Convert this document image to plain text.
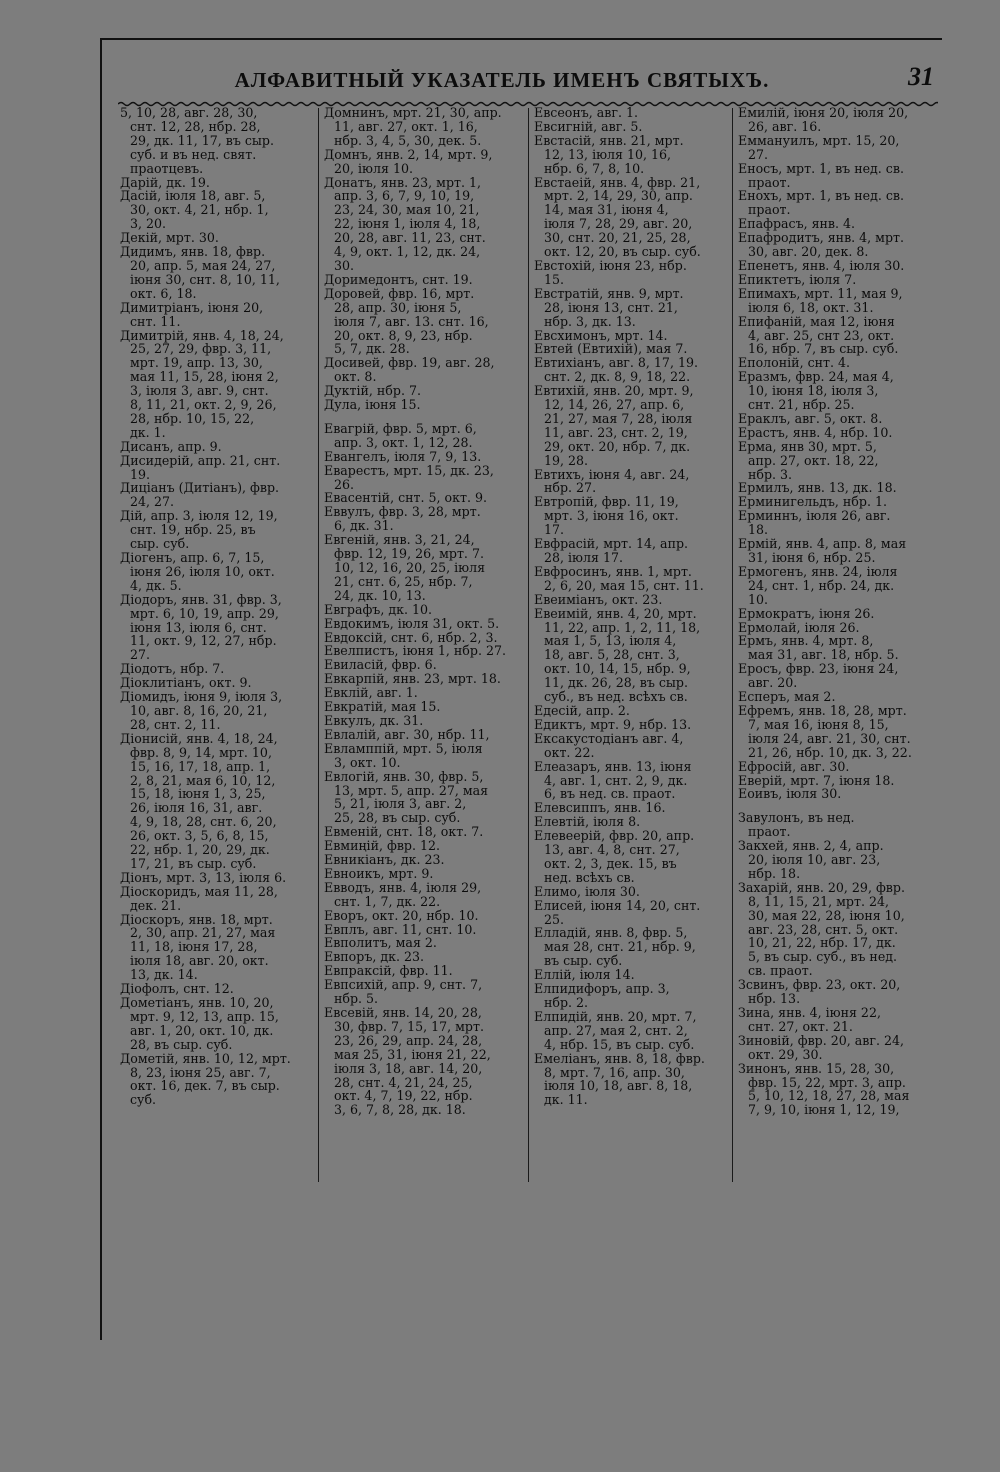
АЛФАВИТНЫЙ УКАЗАТЕЛЬ ИМЕНЪ СВЯТЫХЪ.	31
5, 10, 28, авг. 28, 30,
снт. 12, 28, нбр. 28,
29, дк. 11, 17, въ сыр.
суб. и въ нед. свят.
праотцевъ.
Дарій, дк. 19.
Дасій, іюля 18, авг. 5,
30, окт. 4, 21, нбр. 1,
3, 20.
Декій, мрт. 30.
Дидимъ, янв. 18, фвр.
20, апр. 5, мая 24, 27,
іюня 30, снт. 8, 10, 11,
окт. 6, 18.
Димитріанъ, іюня 20,
снт. 11.
Димитрій, янв. 4, 18, 24,
25, 27, 29, фвр. 3, 11,
мрт. 19, апр. 13, 30,
мая 11, 15, 28, іюня 2,
3, іюля 3, авг. 9, снт.
8, 11, 21, окт. 2, 9, 26,
28, нбр. 10, 15, 22,
дк. 1.
Дисанъ, апр. 9.
Дисидерій, апр. 21, снт.
19.
Диціанъ (Дитіанъ), фвр.
24, 27.
Дій, апр. 3, іюля 12, 19,
снт. 19, нбр. 25, въ
сыр. суб.
Діогенъ, апр. 6, 7, 15,
іюня 26, іюля 10, окт.
4, дк. 5.
Діодоръ, янв. 31, фвр. 3,
мрт. 6, 10, 19, апр. 29,
іюня 13, іюля 6, снт.
11, окт. 9, 12, 27, нбр.
27.
Діодотъ, нбр. 7.
Діоклитіанъ, окт. 9.
Діомидъ, іюня 9, іюля 3,
10, авг. 8, 16, 20, 21,
28, снт. 2, 11.
Діонисій, янв. 4, 18, 24,
фвр. 8, 9, 14, мрт. 10,
15, 16, 17, 18, апр. 1,
2, 8, 21, мая 6, 10, 12,
15, 18, іюня 1, 3, 25,
26, іюля 16, 31, авг.
4, 9, 18, 28, снт. 6, 20,
26, окт. 3, 5, 6, 8, 15,
22, нбр. 1, 20, 29, дк.
17, 21, въ сыр. суб.
Діонъ, мрт. 3, 13, іюля 6.
Діоскоридъ, мая 11, 28,
дек. 21.
Діоскоръ, янв. 18, мрт.
2, 30, апр. 21, 27, мая
11, 18, іюня 17, 28,
іюля 18, авг. 20, окт.
13, дк. 14.
Діофолъ, снт. 12.
Дометіанъ, янв. 10, 20,
мрт. 9, 12, 13, апр. 15,
авг. 1, 20, окт. 10, дк.
28, въ сыр. суб.
Дометій, янв. 10, 12, мрт.
8, 23, іюня 25, авг. 7,
окт. 16, дек. 7, въ сыр.
суб.
Домнинъ, мрт. 21, 30, апр.
11, авг. 27, окт. 1, 16,
нбр. 3, 4, 5, 30, дек. 5.
Домнъ, янв. 2, 14, мрт. 9,
20, іюля 10.
Донатъ, янв. 23, мрт. 1,
апр. 3, 6, 7, 9, 10, 19,
23, 24, 30, мая 10, 21,
22, іюня 1, іюля 4, 18,
20, 28, авг. 11, 23, снт.
4, 9, окт. 1, 12, дк. 24,
30.
Доримедонтъ, снт. 19.
Доровей, фвр. 16, мрт.
28, апр. 30, іюня 5,
іюля 7, авг. 13. снт. 16,
20, окт. 8, 9, 23, нбр.
5, 7, дк. 28.
Досивей, фвр. 19, авг. 28,
окт. 8.
Дуктій, нбр. 7.
Дула, іюня 15.
Евагрій, фвр. 5, мрт. 6,
апр. 3, окт. 1, 12, 28.
Евангелъ, іюля 7, 9, 13.
Еварестъ, мрт. 15, дк. 23,
26.
Евасентій, снт. 5, окт. 9.
Еввулъ, фвр. 3, 28, мрт.
6, дк. 31.
Евгеній, янв. 3, 21, 24,
фвр. 12, 19, 26, мрт. 7.
10, 12, 16, 20, 25, іюля
21, снт. 6, 25, нбр. 7,
24, дк. 10, 13.
Евграфъ, дк. 10.
Евдокимъ, іюля 31, окт. 5.
Евдоксій, снт. 6, нбр. 2, 3.
Евелпистъ, іюня 1, нбр. 27.
Евиласій, фвр. 6.
Евкарпій, янв. 23, мрт. 18.
Евклій, авг. 1.
Евкратій, мая 15.
Евкулъ, дк. 31.
Евлалій, авг. 30, нбр. 11,
Евламппій, мрт. 5, іюля
3, окт. 10.
Евлогій, янв. 30, фвр. 5,
13, мрт. 5, апр. 27, мая
5, 21, іюля 3, авг. 2,
25, 28, въ сыр. суб.
Евменій, снт. 18, окт. 7.
Евмиңій, фвр. 12.
Евникіанъ, дк. 23.
Евноикъ, мрт. 9.
Евводъ, янв. 4, іюля 29,
снт. 1, 7, дк. 22.
Еворъ, окт. 20, нбр. 10.
Евплъ, авг. 11, снт. 10.
Евполитъ, мая 2.
Евпоръ, дк. 23.
Евпраксій, фвр. 11.
Евпсихій, апр. 9, снт. 7,
нбр. 5.
Евсевій, янв. 14, 20, 28,
30, фвр. 7, 15, 17, мрт.
23, 26, 29, апр. 24, 28,
мая 25, 31, іюня 21, 22,
іюля 3, 18, авг. 14, 20,
28, снт. 4, 21, 24, 25,
окт. 4, 7, 19, 22, нбр.
3, 6, 7, 8, 28, дк. 18.
Евсеонъ, авг. 1.
Евсигній, авг. 5.
Евстасій, янв. 21, мрт.
12, 13, іюля 10, 16,
нбр. 6, 7, 8, 10.
Евстаеій, янв. 4, фвр. 21,
мрт. 2, 14, 29, 30, апр.
14, мая 31, іюня 4,
іюля 7, 28, 29, авг. 20,
30, снт. 20, 21, 25, 28,
окт. 12, 20, въ сыр. суб.
Евстохій, іюня 23, нбр.
15.
Евстратій, янв. 9, мрт.
28, іюня 13, снт. 21,
нбр. 3, дк. 13.
Евсхимонъ, мрт. 14.
Евтей (Евтихій), мая 7.
Евтихіанъ, авг. 8, 17, 19.
снт. 2, дк. 8, 9, 18, 22.
Евтихій, янв. 20, мрт. 9,
12, 14, 26, 27, апр. 6,
21, 27, мая 7, 28, іюля
11, авг. 23, снт. 2, 19,
29, окт. 20, нбр. 7, дк.
19, 28.
Евтихъ, іюня 4, авг. 24,
нбр. 27.
Евтропій, фвр. 11, 19,
мрт. 3, іюня 16, окт.
17.
Евфрасій, мрт. 14, апр.
28, іюля 17.
Евфросинъ, янв. 1, мрт.
2, 6, 20, мая 15, снт. 11.
Евеиміанъ, окт. 23.
Евеимій, янв. 4, 20, мрт.
11, 22, апр. 1, 2, 11, 18,
мая 1, 5, 13, іюля 4,
18, авг. 5, 28, снт. 3,
окт. 10, 14, 15, нбр. 9,
11, дк. 26, 28, въ сыр.
суб., въ нед. всѣхъ св.
Едесій, апр. 2.
Едиктъ, мрт. 9, нбр. 13.
Ексакустодіанъ авг. 4,
окт. 22.
Елеазаръ, янв. 13, іюня
4, авг. 1, снт. 2, 9, дк.
6, въ нед. св. праот.
Елевсиппъ, янв. 16.
Елевтій, іюля 8.
Елевеерій, фвр. 20, апр.
13, авг. 4, 8, снт. 27,
окт. 2, 3, дек. 15, въ
нед. всѣхъ св.
Елимо, іюля 30.
Елисей, іюня 14, 20, снт.
25.
Елладій, янв. 8, фвр. 5,
мая 28, снт. 21, нбр. 9,
въ сыр. суб.
Еллій, іюля 14.
Елпидифоръ, апр. 3,
нбр. 2.
Елпидій, янв. 20, мрт. 7,
апр. 27, мая 2, снт. 2,
4, нбр. 15, въ сыр. суб.
Емеліанъ, янв. 8, 18, фвр.
8, мрт. 7, 16, апр. 30,
іюля 10, 18, авг. 8, 18,
дк. 11.
Емилій, іюня 20, іюля 20,
26, авг. 16.
Еммануилъ, мрт. 15, 20,
27.
Еносъ, мрт. 1, въ нед. св.
праот.
Енохъ, мрт. 1, въ нед. св.
праот.
Епафрасъ, янв. 4.
Епафродитъ, янв. 4, мрт.
30, авг. 20, дек. 8.
Епенетъ, янв. 4, іюля 30.
Епиктетъ, іюля 7.
Епимахъ, мрт. 11, мая 9,
іюля 6, 18, окт. 31.
Епифаній, мая 12, іюня
4, авг. 25, снт 23, окт.
16, нбр. 7, въ сыр. суб.
Еполоній, снт. 4.
Еразмъ, фвр. 24, мая 4,
10, іюня 18, іюля 3,
снт. 21, нбр. 25.
Ераклъ, авг. 5, окт. 8.
Ерастъ, янв. 4, нбр. 10.
Ерма, янв 30, мрт. 5,
апр. 27, окт. 18, 22,
нбр. 3.
Ермилъ, янв. 13, дк. 18.
Ерминигельдъ, нбр. 1.
Ерминнъ, іюля 26, авг.
18.
Ермій, янв. 4, апр. 8, мая
31, іюня 6, нбр. 25.
Ермогенъ, янв. 24, іюля
24, снт. 1, нбр. 24, дк.
10.
Ермократъ, іюня 26.
Ермолай, іюля 26.
Ермъ, янв. 4, мрт. 8,
мая 31, авг. 18, нбр. 5.
Еросъ, фвр. 23, іюня 24,
авг. 20.
Есперъ, мая 2.
Ефремъ, янв. 18, 28, мрт.
7, мая 16, іюня 8, 15,
іюля 24, авг. 21, 30, снт.
21, 26, нбр. 10, дк. 3, 22.
Ефросій, авг. 30.
Еверій, мрт. 7, іюня 18.
Еоивъ, іюля 30.
Завулонъ, въ нед.
праот.
Закхей, янв. 2, 4, апр.
20, іюля 10, авг. 23,
нбр. 18.
Захарій, янв. 20, 29, фвр.
8, 11, 15, 21, мрт. 24,
30, мая 22, 28, іюня 10,
авг. 23, 28, снт. 5, окт.
10, 21, 22, нбр. 17, дк.
5, въ сыр. суб., въ нед.
св. праот.
Зсвинъ, фвр. 23, окт. 20,
нбр. 13.
Зина, янв. 4, іюня 22,
снт. 27, окт. 21.
Зиновій, фвр. 20, авг. 24,
окт. 29, 30.
Зинонъ, янв. 15, 28, 30,
фвр. 15, 22, мрт. 3, апр.
5, 10, 12, 18, 27, 28, мая
7, 9, 10, іюня 1, 12, 19,
